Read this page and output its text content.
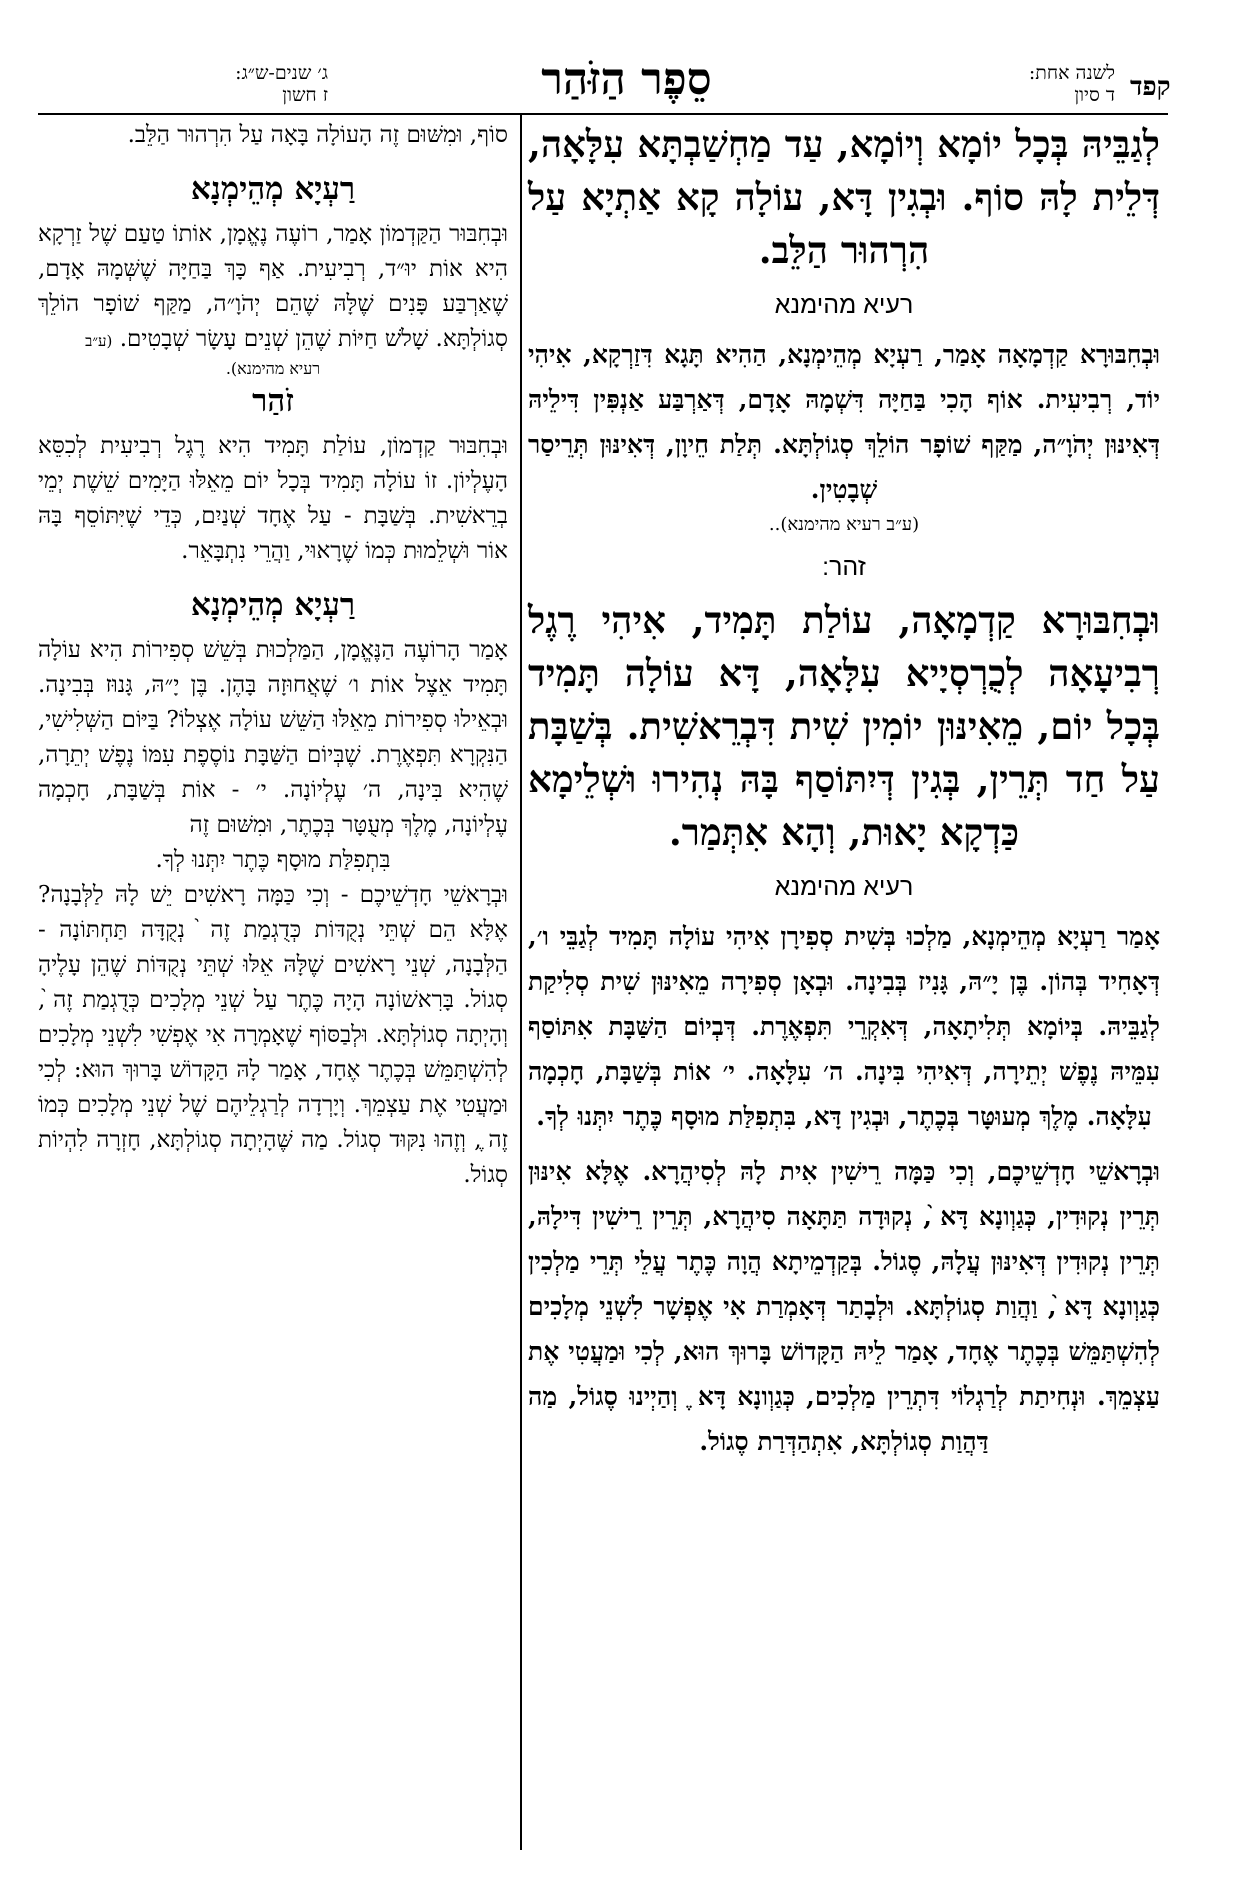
קפד
לשנה אחת:
ד סיון
סֵפֶר הַזֹּהַר
ג׳ שנים-ש״ג:
ז חשון

לְגַבֵּיהּ בְּכָל יוֹמָא וְיוֹמָא, עַד מַחְשַׁבְתָּא עִלָּאָה, דְּלֵית לָהּ סוֹף. וּבְגִין דָּא, עוֹלָה קָא אַתְיָא עַל הִרְהוּר הַלֵּב.

רעיא מהימנא

וּבְחִבּוּרָא קַדְמָאָה אָמַר, רַעְיָא מְהֵימְנָא, הַהִיא תָּגָא דִּזַרְקָא, אִיהִי יוֹד, רְבִיעִית. אוֹף הָכִי בַּחַיָּה דִּשְׁמָהּ אָדָם, דְּאַרְבַּע אַנְפִּין דִּילֵיהּ דְּאִינּוּן יְהֹוָ״ה, מַקַּף שׁוֹפָר הוֹלֵךְ סְגוֹלְתָּא. תְּלַת חֵיוָן, דְּאִינּוּן תְּרֵיסַר שְׁבָטִין.

(ע״ב רעיא מהימנא)..
זהר:

וּבְחִבּוּרָא קַדְמָאָה, עוֹלַת תָּמִיד, אִיהִי רֶגֶל רְבִיעָאָה לְכֻרְסְיָיא עִלָּאָה, דָּא עוֹלָה תָּמִיד בְּכָל יוֹם, מֵאִינּוּן יוֹמִין שִׁית דִּבְרֵאשִׁית. בְּשַׁבָּת עַל חַד תְּרֵין, בְּגִין דְּיִתּוֹסַף בָּהּ נְהִירוּ וּשְׁלֵימָא כַּדְקָא יָאוּת, וְהָא אִתְּמַר.

רעיא מהימנא

אָמַר רַעְיָא מְהֵימְנָא, מַלְכוּ בְּשִׁית סְפִירָן אִיהִי עוֹלָה תָּמִיד לְגַבֵּי ו׳, דְּאָחִיד בְּהוֹן. בֶּן יָ״הּ, גָּנִיז בְּבִינָה. וּבְאָן סְפִירָה מֵאִינּוּן שִׁית סְלִיקַת לְגַבֵּיהּ. בְּיוֹמָא תְּלִיתָאָה, דְּאִקְרֵי תִּפְאֶרֶת. דְּבְיוֹם הַשַּׁבָּת אִתּוֹסַף עִמֵּיהּ נֶפֶשׁ יְתֵירָה, דְּאִיהִי בִּינָה. ה׳ עִלָּאָה. י׳ אוֹת בְּשַׁבָּת, חָכְמָה עִלָּאָה. מֶלֶךְ מְעוּטָּר בְּכֶתֶר, וּבְגִין דָּא, בִּתְפִלַּת מוּסָף כֶּתֶר יִתְּנוּ לְךָ.

וּבְרָאשֵׁי חָדְשֵׁיכֶם, וְכִי כַּמָּה רֵישִׁין אִית לָהּ לְסִיהֲרָא. אֶלָּא אִינּוּן תְּרֵין נְקוּדִין, כְּגַוְונָא דָּא ֙, נְקוּדָה תַּתָּאָה סִיהֲרָא, תְּרֵין רֵישִׁין דִּילָהּ, תְּרֵין נְקוּדִין דְּאִינּוּן עֲלָהּ, סֶגוֹל. בְּקַדְמֵיתָא הֲוָה כֶּתֶר עֲלֵי תְּרֵי מַלְכִין כְּגַוְונָא דָּא ֙, וַהֲוַת סְגוֹלְתָּא. וּלְבָתַר דְּאָמְרַת אִי אֶפְשָׁר לִשְׁנֵי מְלָכִים לְהִשְׁתַּמֵּשׁ בְּכֶתֶר אֶחָד, אָמַר לֵיהּ הַקָּדוֹשׁ בָּרוּךְ הוּא, לְכִי וּמַעֲטִי אֶת עַצְמֵךְ. וּנְחִיתַת לְרַגְלוֹי דִּתְרֵין מַלְכִים, כְּגַוְונָא דָּא ֶ וְהַיְינוּ סֶגוֹל, מַה דַּהֲוַת סְגוֹלְתָּא, אִתְהַדְּרַת סֶגוֹל.

סוֹף, וּמִשּׁוּם זֶה הָעוֹלָה בָּאָה עַל הִרְהוּר הַלֵּב.

רַעְיָא מְהֵימְנָא

וּבְחִבּוּר הַקַּדְמוֹן אָמַר, רוֹעֶה נֶאֱמָן, אוֹתוֹ טַעַם שֶׁל זַרְקָא הִיא אוֹת יוּ״ד, רְבִיעִית. אַף כָּךְ בַּחַיָּה שֶׁשְּׁמָהּ אָדָם, שֶׁאַרְבַּע פָּנִים שֶׁלָּהּ שֶׁהֵם יְהֹוָ״ה, מַקַּף שׁוֹפָר הוֹלֵךְ סְגוֹלְתָּא. שָׁלֹשׁ חַיּוֹת שֶׁהֵן שְׁנֵים עָשָׂר שְׁבָטִים. (ע״ב

רעיא מהימנא).
זֹהַר

וּבְחִבּוּר קַדְמוֹן, עוֹלַת תָּמִיד הִיא רֶגֶל רְבִיעִית לְכִסֵּא הָעֶלְיוֹן. זוֹ עוֹלָה תָּמִיד בְּכָל יוֹם מֵאֵלּוּ הַיָּמִים שֵׁשֶׁת יְמֵי בְרֵאשִׁית. בְּשַׁבָּת - עַל אֶחָד שְׁנַיִם, כְּדֵי שֶׁיִּתּוֹסֵף בָּהּ אוֹר וּשְׁלֵמוּת כְּמוֹ שֶׁרָאוּי, וַהֲרֵי נִתְבָּאֵר.

רַעְיָא מְהֵימְנָא

אָמַר הָרוֹעֶה הַנֶּאֱמָן, הַמַּלְכוּת בְּשֵׁשׁ סְפִירוֹת הִיא עוֹלָה תָּמִיד אֵצֶל אוֹת ו׳ שֶׁאֲחוּזָה בָּהֶן. בֶּן יָ״הּ, גָּנוּז בְּבִינָה. וּבְאֵילוּ סְפִירוֹת מֵאֵלּוּ הַשֵּׁשׁ עוֹלָה אֶצְלוֹ? בַּיּוֹם הַשְּׁלִישִׁי, הַנִּקְרָא תִּפְאֶרֶת. שֶׁבְּיוֹם הַשַּׁבָּת נוֹסֶפֶת עִמּוֹ נֶפֶשׁ יְתֵרָה, שֶׁהִיא בִּינָה, ה׳ עֶלְיוֹנָה. י׳ - אוֹת בְּשַׁבָּת, חָכְמָה עֶלְיוֹנָה, מֶלֶךְ מְעֻטָּר בְּכֶתֶר, וּמִשּׁוּם זֶה

בִּתְפִלַּת מוּסָף כֶּתֶר יִתְּנוּ לְךָ.

וּבְרָאשֵׁי חָדְשֵׁיכֶם - וְכִי כַּמָּה רָאשִׁים יֵשׁ לָהּ לַלְּבָנָה? אֶלָּא הֵם שְׁתֵּי נְקֻדּוֹת כְּדֻגְמַת זֶה ֙ נְקֻדָּה תַּחְתּוֹנָה - הַלְּבָנָה, שְׁנֵי רָאשִׁים שֶׁלָּהּ אֵלּוּ שְׁתֵּי נְקֻדּוֹת שֶׁהֵן עָלֶיהָ סְגוֹל. בָּרִאשׁוֹנָה הָיָה כֶּתֶר עַל שְׁנֵי מְלָכִים כְּדֻגְמַת זֶה ֙, וְהָיְתָה סְגוֹלְתָּא. וּלְבַסּוֹף שֶׁאָמְרָה אִי אֶפְשִׁי לִשְׁנֵי מְלָכִים לְהִשְׁתַּמֵּשׁ בְּכֶתֶר אֶחָד, אָמַר לָהּ הַקָּדוֹשׁ בָּרוּךְ הוּא: לְכִי וּמַעֲטִי אֶת עַצְמֵךְ. וְיָרְדָה לְרַגְלֵיהֶם שֶׁל שְׁנֵי מְלָכִים כְּמוֹ זֶה ֶ, וְזֶהוּ נִקּוּד סְגוֹל. מַה שֶּׁהָיְתָה סְגוֹלְתָּא, חָזְרָה לִהְיוֹת סְגוֹל.
